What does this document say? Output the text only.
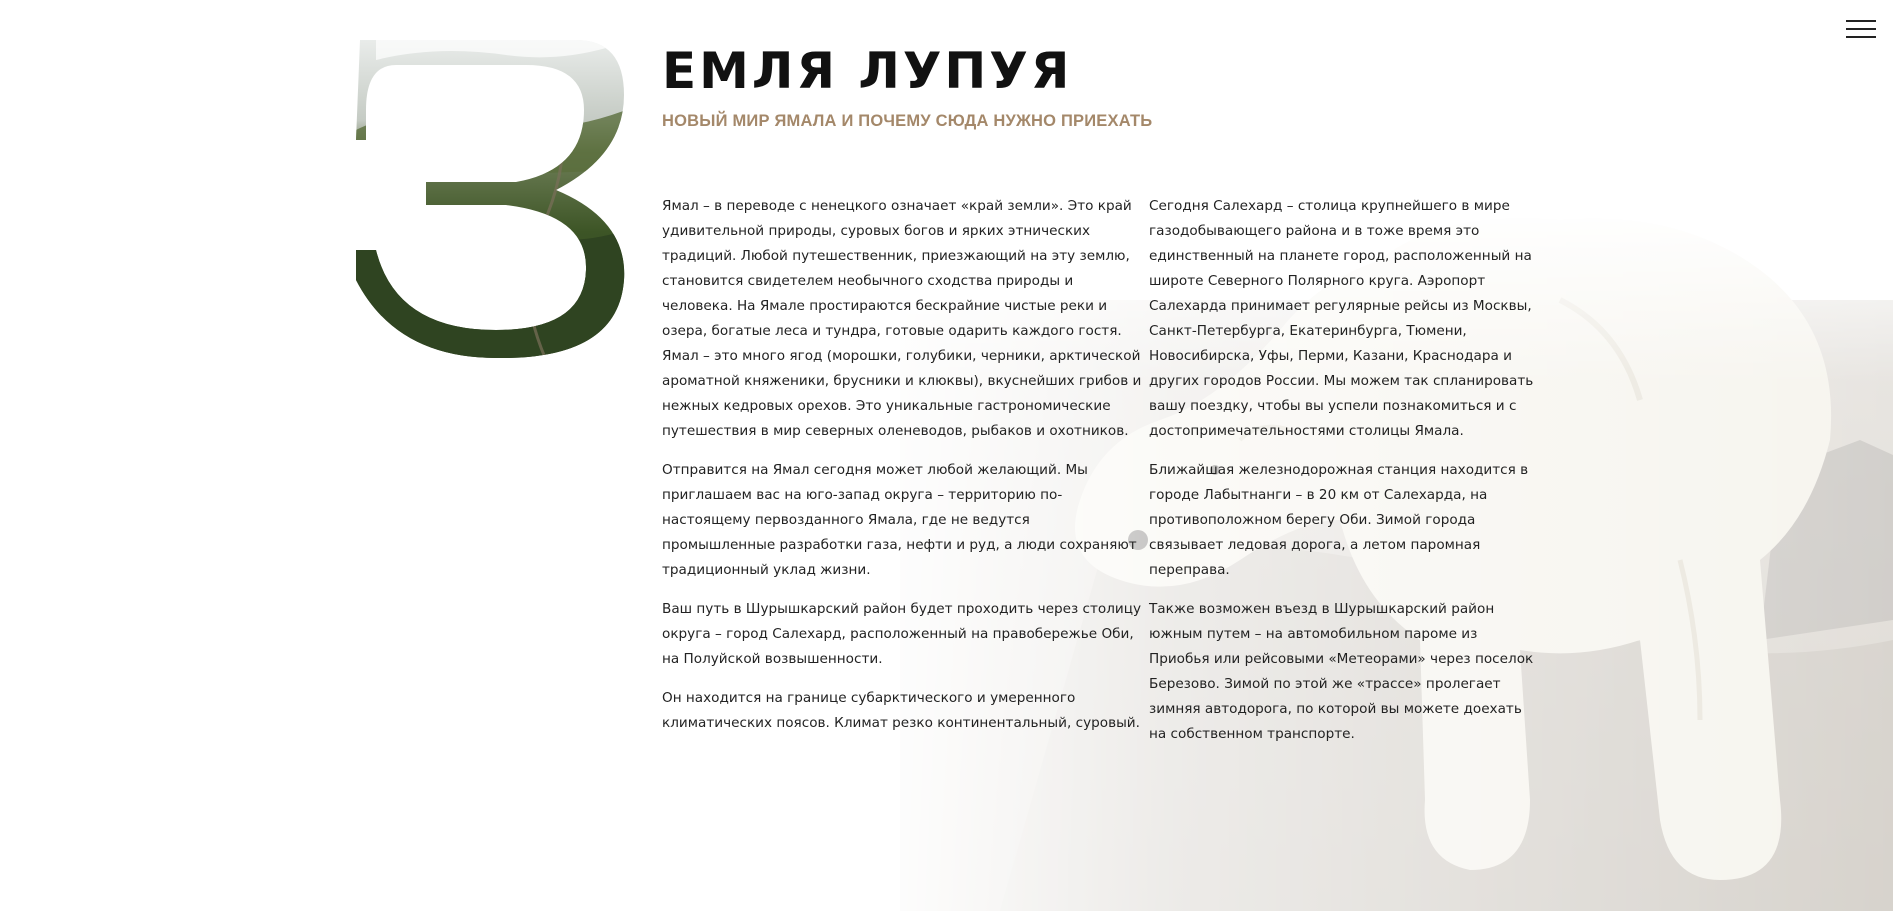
ЕМЛЯ ЛУПУЯ
НОВЫЙ МИР ЯМАЛА И ПОЧЕМУ СЮДА НУЖНО ПРИЕХАТЬ

Ямал – в переводе с ненецкого означает «край земли». Это край удивительной природы, суровых богов и ярких этнических традиций. Любой путешественник, приезжающий на эту землю, становится свидетелем необычного сходства природы и человека. На Ямале простираются бескрайние чистые реки и озера, богатые леса и тундра, готовые одарить каждого гостя. Ямал – это много ягод (морошки, голубики, черники, арктической ароматной княженики, брусники и клюквы), вкуснейших грибов и нежных кедровых орехов. Это уникальные гастрономические путешествия в мир северных оленеводов, рыбаков и охотников.

Отправится на Ямал сегодня может любой желающий. Мы приглашаем вас на юго-запад округа – территорию по-настоящему первозданного Ямала, где не ведутся промышленные разработки газа, нефти и руд, а люди сохраняют традиционный уклад жизни.

Ваш путь в Шурышкарский район будет проходить через столицу округа – город Салехард, расположенный на правобережье Оби, на Полуйской возвышенности.

Он находится на границе субарктического и умеренного климатических поясов. Климат резко континентальный, суровый.

Сегодня Салехард – столица крупнейшего в мире газодобывающего района и в тоже время это единственный на планете город, расположенный на широте Северного Полярного круга. Аэропорт Салехарда принимает регулярные рейсы из Москвы, Санкт-Петербурга, Екатеринбурга, Тюмени, Новосибирска, Уфы, Перми, Казани, Краснодара и других городов России. Мы можем так спланировать вашу поездку, чтобы вы успели познакомиться и с достопримечательностями столицы Ямала.

Ближайшая железнодорожная станция находится в городе Лабытнанги – в 20 км от Салехарда, на противоположном берегу Оби. Зимой города связывает ледовая дорога, а летом паромная переправа.

Также возможен въезд в Шурышкарский район южным путем – на автомобильном пароме из Приобья или рейсовыми «Метеорами» через поселок Березово. Зимой по этой же «трассе» пролегает зимняя автодорога, по которой вы можете доехать на собственном транспорте.
